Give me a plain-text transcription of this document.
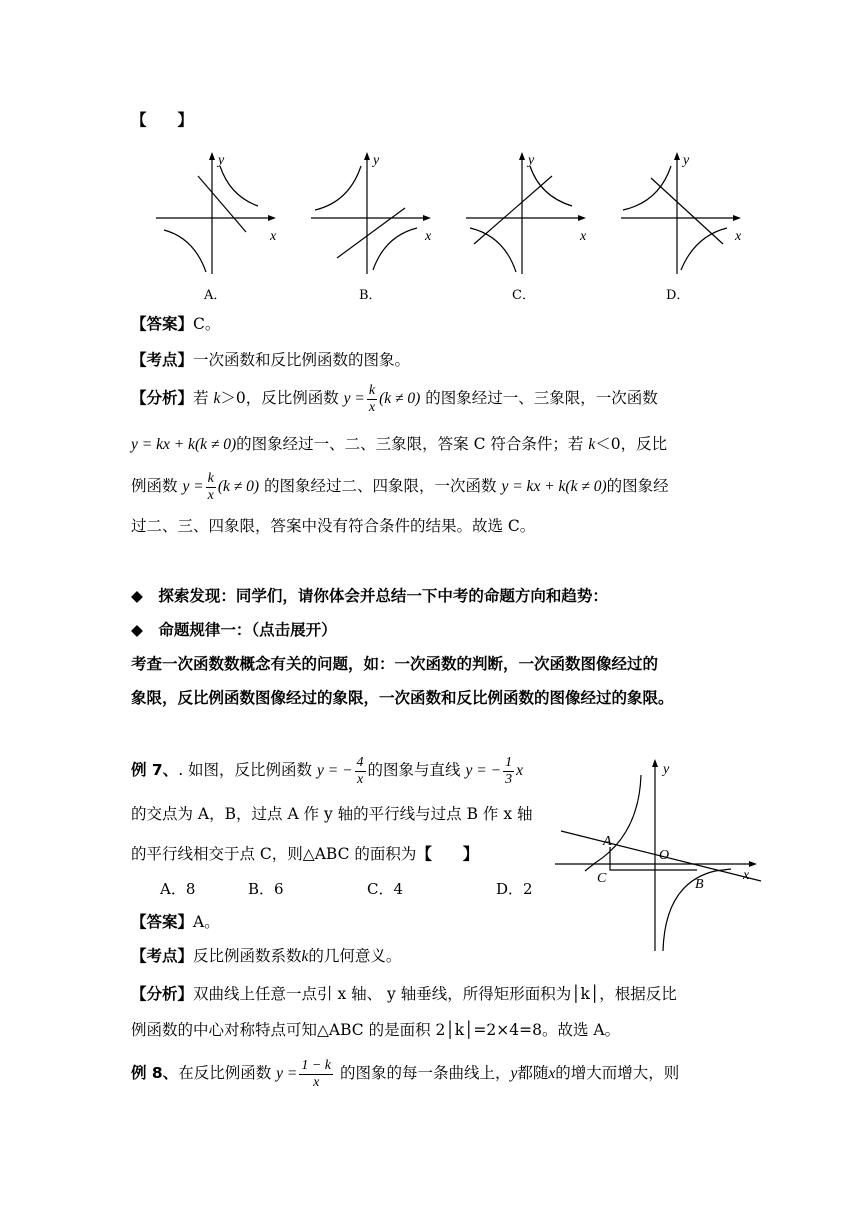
【　　】
y
x
y
x
y
x
y
x
A．	B．	C．	D．
【答案】C。
【考点】一次函数和反比例函数的图象。
【分析】若 k＞0，反比例函数 $y = \frac{k}{x} (k \ne 0)$ 的图象经过一、三象限，一次函数
y = kx + k(k ≠ 0)的图象经过一、二、三象限，答案 C 符合条件；若 k＜0，反比
例函数 $y = \frac{k}{x} (k \ne 0)$ 的图象经过二、四象限，一次函数 y = kx + k(k ≠ 0)的图象经
过二、三、四象限，答案中没有符合条件的结果。故选 C。
◆　探索发现：同学们，请你体会并总结一下中考的命题方向和趋势：
◆　命题规律一：（点击展开）
考查一次函数数概念有关的问题，如：一次函数的判断，一次函数图像经过的
象限，反比例函数图像经过的象限，一次函数和反比例函数的图像经过的象限。
例 7、. 如图，反比例函数 y = − $\frac{4}{x}$ 的图象与直线 y = − $\frac{1}{3}$ x
的交点为 A，B，过点 A 作 y 轴的平行线与过点 B 作 x 轴
的平行线相交于点 C，则△ABC 的面积为【　　】
A．8	B．6	C．4	D．2
A
B
C
O
x
y
【答案】A。
【考点】反比例函数系数k的几何意义。
【分析】双曲线上任意一点引 x 轴、 y 轴垂线，所得矩形面积为│k│，根据反比
例函数的中心对称特点可知△ABC 的是面积 2│k│=2×4=8。故选 A。
例 8、在反比例函数 $y = \frac{1 - k}{x}$ 的图象的每一条曲线上，y都随x的增大而增大，则
